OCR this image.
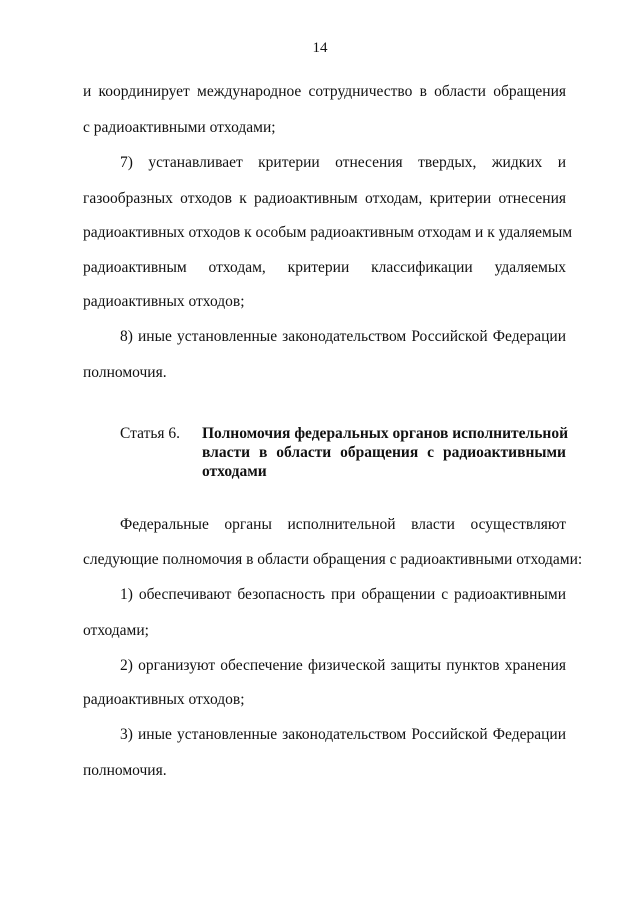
14
и координирует международное сотрудничество в области обращения
с радиоактивными отходами;
7) устанавливает критерии отнесения твердых, жидких и
газообразных отходов к радиоактивным отходам, критерии отнесения
радиоактивных отходов к особым радиоактивным отходам и к удаляемым
радиоактивным отходам, критерии классификации удаляемых
радиоактивных отходов;
8) иные установленные законодательством Российской Федерации
полномочия.
Статья 6. Полномочия федеральных органов исполнительной
власти в области обращения с радиоактивными
отходами
Федеральные органы исполнительной власти осуществляют
следующие полномочия в области обращения с радиоактивными отходами:
1) обеспечивают безопасность при обращении с радиоактивными
отходами;
2) организуют обеспечение физической защиты пунктов хранения
радиоактивных отходов;
3) иные установленные законодательством Российской Федерации
полномочия.
